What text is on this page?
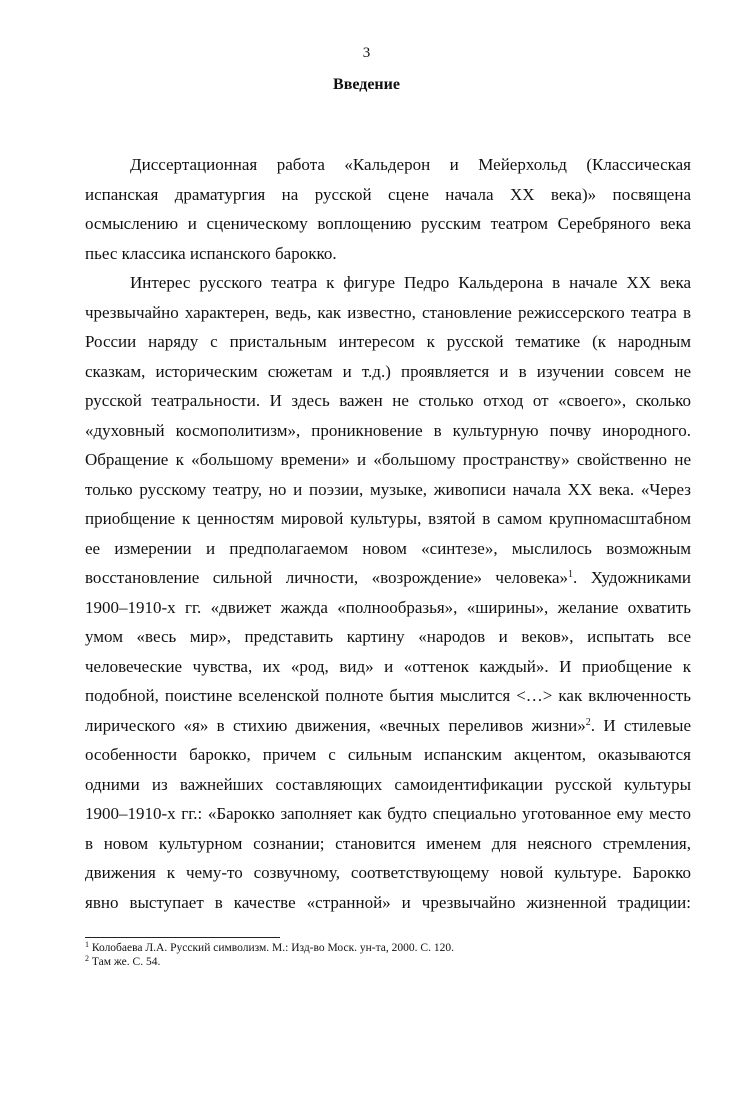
3
Введение
Диссертационная работа «Кальдерон и Мейерхольд (Классическая
испанская драматургия на русской сцене начала XX века)» посвящена
осмыслению и сценическому воплощению русским театром Серебряного века
пьес классика испанского барокко.
Интерес русского театра к фигуре Педро Кальдерона в начале XX века
чрезвычайно характерен, ведь, как известно, становление режиссерского театра в
России наряду с пристальным интересом к русской тематике (к народным
сказкам, историческим сюжетам и т.д.) проявляется и в изучении совсем не
русской театральности. И здесь важен не столько отход от «своего», сколько
«духовный космополитизм», проникновение в культурную почву инородного.
Обращение к «большому времени» и «большому пространству» свойственно не
только русскому театру, но и поэзии, музыке, живописи начала XX века. «Через
приобщение к ценностям мировой культуры, взятой в самом крупномасштабном
ее измерении и предполагаемом новом «синтезе», мыслилось возможным
восстановление сильной личности, «возрождение» человека»$^1$. Художниками
1900–1910-х гг. «движет жажда «полнообразья», «ширины», желание охватить
умом «весь мир», представить картину «народов и веков», испытать все
человеческие чувства, их «род, вид» и «оттенок каждый». И приобщение к
подобной, поистине вселенской полноте бытия мыслится <…> как включенность
лирического «я» в стихию движения, «вечных переливов жизни»$^2$. И стилевые
особенности барокко, причем с сильным испанским акцентом, оказываются
одними из важнейших составляющих самоидентификации русской культуры
1900–1910-х гг.: «Барокко заполняет как будто специально уготованное ему место
в новом культурном сознании; становится именем для неясного стремления,
движения к чему-то созвучному, соответствующему новой культуре. Барокко
явно выступает в качестве «странной» и чрезвычайно жизненной традиции:
$^1$ Колобаева Л.А. Русский символизм. М.: Изд-во Моск. ун-та, 2000. С. 120.
$^2$ Там же. С. 54.
